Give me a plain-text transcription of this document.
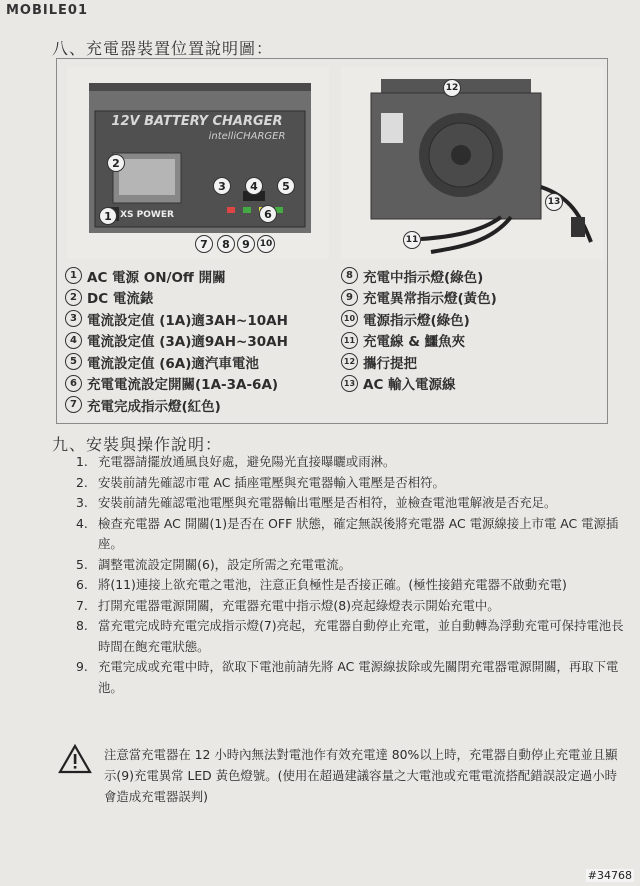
MOBILE01
八、充電器裝置位置說明圖：
12V BATTERY CHARGER
intelliCHARGER
XS POWER
2
1
3	4	5
6
7	8	9	10
12
13
11
1 AC 電源 ON/Off 開關
2 DC 電流錶
3 電流設定值 (1A)適3AH~10AH
4 電流設定值 (3A)適9AH~30AH
5 電流設定值 (6A)適汽車電池
6 充電電流設定開關(1A-3A-6A)
7 充電完成指示燈(紅色)
8 充電中指示燈(綠色)
9 充電異常指示燈(黃色)
10 電源指示燈(綠色)
11 充電線 & 鱷魚夾
12 攜行提把
13 AC 輸入電源線
九、安裝與操作說明：
1. 充電器請擺放通風良好處，避免陽光直接曝曬或雨淋。
2. 安裝前請先確認市電 AC 插座電壓與充電器輸入電壓是否相符。
3. 安裝前請先確認電池電壓與充電器輸出電壓是否相符，並檢查電池電解液是否充足。
4. 檢查充電器 AC 開關(1)是否在 OFF 狀態，確定無誤後將充電器 AC 電源線接上市電 AC 電源插座。
5. 調整電流設定開關(6)，設定所需之充電電流。
6. 將(11)連接上欲充電之電池，注意正負極性是否接正確。(極性接錯充電器不啟動充電)
7. 打開充電器電源開關，充電器充電中指示燈(8)亮起綠燈表示開始充電中。
8. 當充電完成時充電完成指示燈(7)亮起，充電器自動停止充電，並自動轉為浮動充電可保持電池長時間在飽充電狀態。
9. 充電完成或充電中時，欲取下電池前請先將 AC 電源線拔除或先關閉充電器電源開關，再取下電池。
注意當充電器在 12 小時內無法對電池作有效充電達 80%以上時，充電器自動停止充電並且顯示(9)充電異常 LED 黃色燈號。(使用在超過建議容量之大電池或充電電流搭配錯誤設定過小時會造成充電器誤判)
#34768
